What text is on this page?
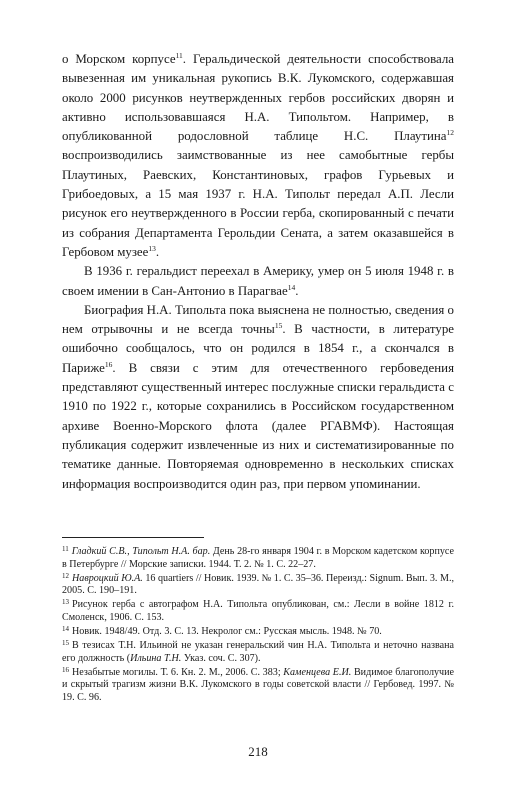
о Морском корпусе$^{11}$. Геральдической деятельности способствовала вывезенная им уникальная рукопись В.К. Лукомского, содержавшая около 2000 рисунков неутвержденных гербов российских дворян и активно использовавшаяся Н.А. Типольтом. Например, в опубликованной родословной таблице Н.С. Плаутина$^{12}$ воспроизводились заимствованные из нее самобытные гербы Плаутиных, Раевских, Константиновых, графов Гурьевых и Грибоедовых, а 15 мая 1937 г. Н.А. Типольт передал А.П. Лесли рисунок его неутвержденного в России герба, скопированный с печати из собрания Департамента Герольдии Сената, а затем оказавшейся в Гербовом музее$^{13}$.

В 1936 г. геральдист переехал в Америку, умер он 5 июля 1948 г. в своем имении в Сан-Антонио в Парагвае$^{14}$.

Биография Н.А. Типольта пока выяснена не полностью, сведения о нем отрывочны и не всегда точны$^{15}$. В частности, в литературе ошибочно сообщалось, что он родился в 1854 г., а скончался в Париже$^{16}$. В связи с этим для отечественного гербоведения представляют существенный интерес послужные списки геральдиста с 1910 по 1922 г., которые сохранились в Российском государственном архиве Военно-Морского флота (далее РГАВМФ). Настоящая публикация содержит извлеченные из них и систематизированные по тематике данные. Повторяемая одновременно в нескольких списках информация воспроизводится один раз, при первом упоминании.

$^{11}$ Гладкий С.В., Типольт Н.А. бар. День 28-го января 1904 г. в Морском кадетском корпусе в Петербурге // Морские записки. 1944. Т. 2. № 1. С. 22–27.
$^{12}$ Навроцкий Ю.А. 16 quartiers // Новик. 1939. № 1. С. 35–36. Переизд.: Signum. Вып. 3. М., 2005. С. 190–191.
$^{13}$ Рисунок герба с автографом Н.А. Типольта опубликован, см.: Лесли в войне 1812 г. Смоленск, 1906. С. 153.
$^{14}$ Новик. 1948/49. Отд. 3. С. 13. Некролог см.: Русская мысль. 1948. № 70.
$^{15}$ В тезисах Т.Н. Ильиной не указан генеральский чин Н.А. Типольта и неточно названа его должность (Ильина Т.Н. Указ. соч. С. 307).
$^{16}$ Незабытые могилы. Т. 6. Кн. 2. М., 2006. С. 383; Каменцева Е.И. Видимое благополучие и скрытый трагизм жизни В.К. Лукомского в годы советской власти // Гербовед. 1997. № 19. С. 96.
218
